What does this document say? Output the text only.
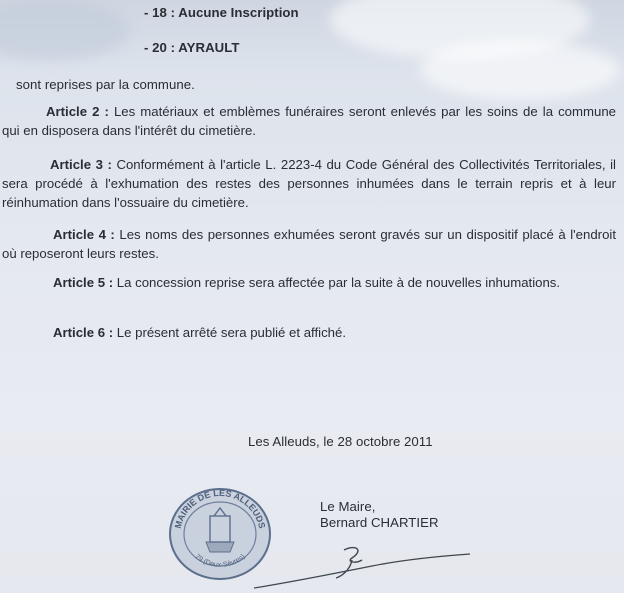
- 18 : Aucune Inscription
- 20 : AYRAULT
sont reprises par la commune.
Article 2 : Les matériaux et emblèmes funéraires seront enlevés par les soins de la commune qui en disposera dans l'intérêt du cimetière.
Article 3 : Conformément à l'article L. 2223-4 du Code Général des Collectivités Territoriales, il sera procédé à l'exhumation des restes des personnes inhumées dans le terrain repris et à leur réinhumation dans l'ossuaire du cimetière.
Article 4 : Les noms des personnes exhumées seront gravés sur un dispositif placé à l'endroit où reposeront leurs restes.
Article 5 : La concession reprise sera affectée par la suite à de nouvelles inhumations.
Article 6 : Le présent arrêté sera publié et affiché.
Les Alleuds, le 28 octobre 2011
Le Maire,
Bernard CHARTIER
MAIRIE DE LES ALLEUDS
79 (Deux-Sèvres)
